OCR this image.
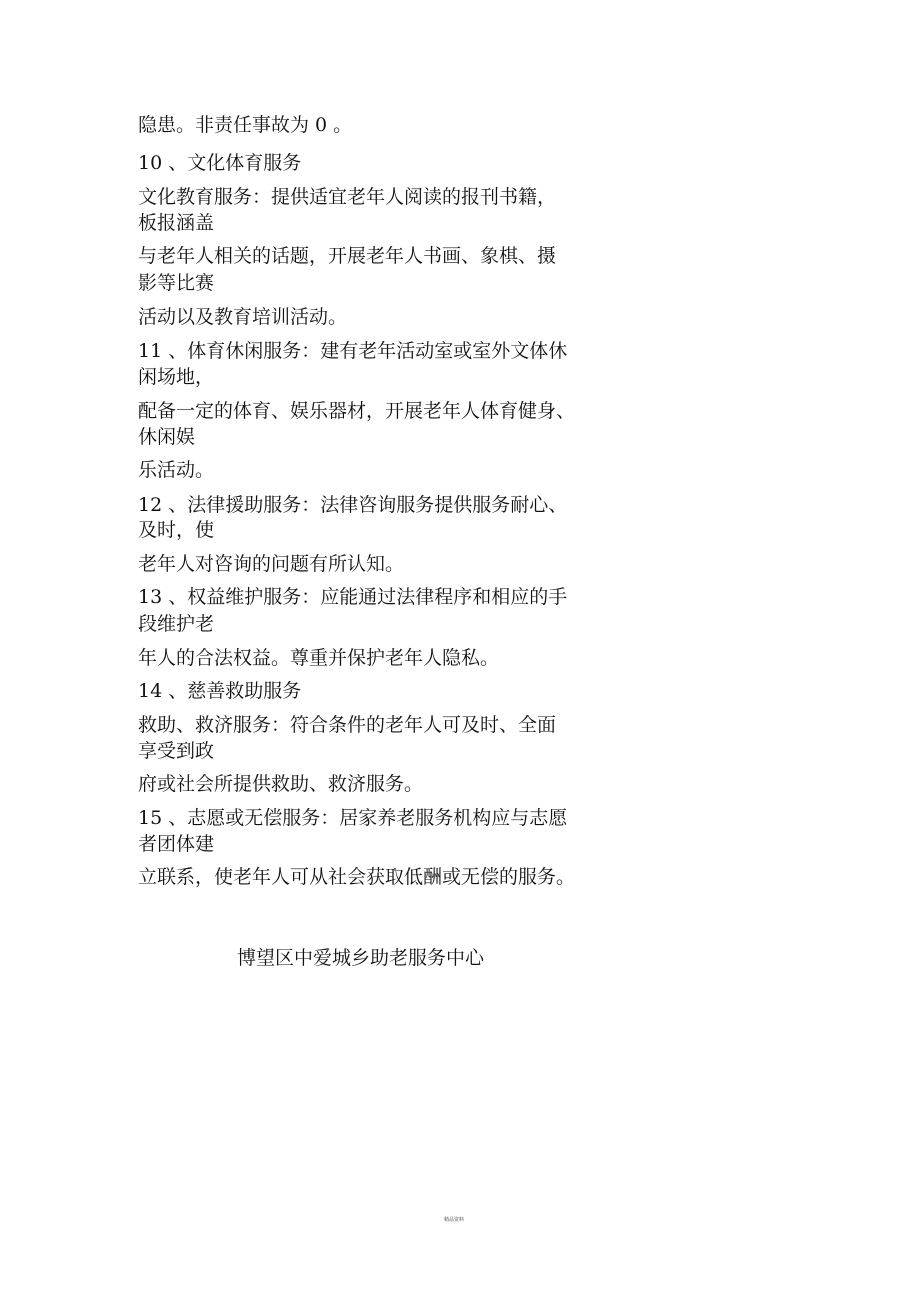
隐患。非责任事故为 0 。

10 、文化体育服务

文化教育服务：提供适宜老年人阅读的报刊书籍，

板报涵盖

与老年人相关的话题，开展老年人书画、象棋、摄

影等比赛

活动以及教育培训活动。

11 、体育休闲服务：建有老年活动室或室外文体休

闲场地，

配备一定的体育、娱乐器材，开展老年人体育健身、

休闲娱

乐活动。

12 、法律援助服务：法律咨询服务提供服务耐心、

及时，使

老年人对咨询的问题有所认知。

13 、权益维护服务：应能通过法律程序和相应的手

段维护老

年人的合法权益。尊重并保护老年人隐私。

14 、慈善救助服务

救助、救济服务：符合条件的老年人可及时、全面

享受到政

府或社会所提供救助、救济服务。

15 、志愿或无偿服务：居家养老服务机构应与志愿

者团体建

立联系，使老年人可从社会获取低酬或无偿的服务。

博望区中爱城乡助老服务中心
精品资料
